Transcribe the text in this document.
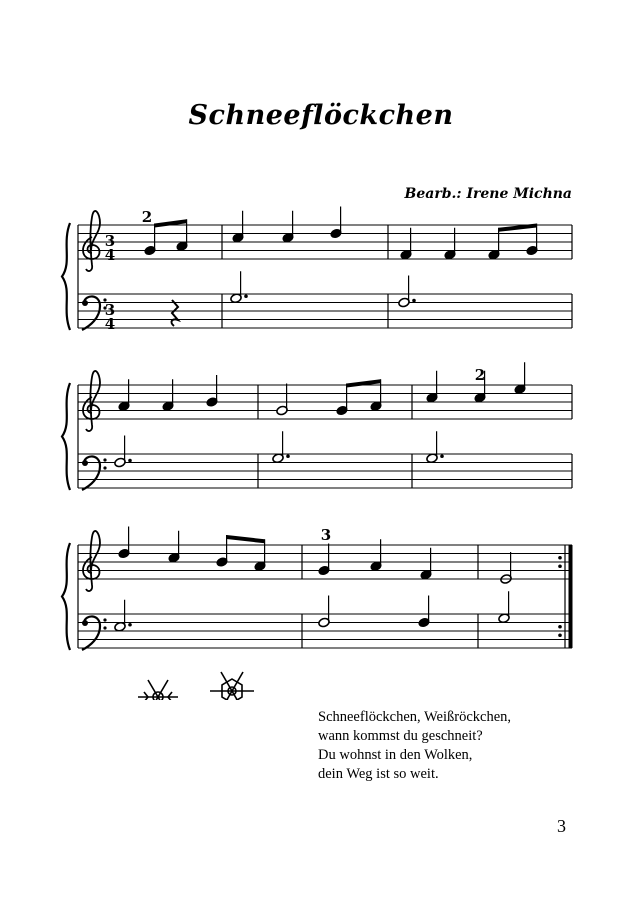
Schneeflöckchen
Bearb.: Irene Michna
3
4
3
4
2
2
3
Schneeflöckchen, Weißröckchen,
wann kommst du geschneit?
Du wohnst in den Wolken,
dein Weg ist so weit.
3
